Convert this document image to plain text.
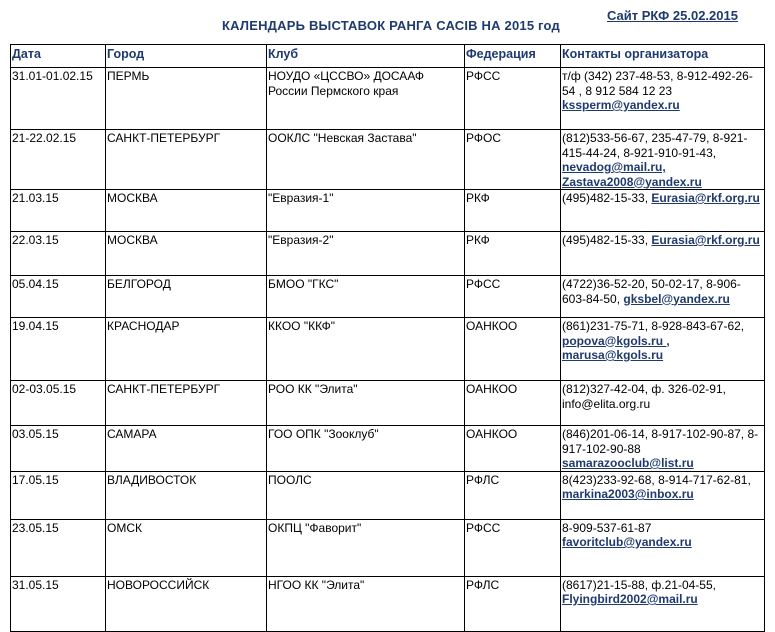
КАЛЕНДАРЬ ВЫСТАВОК РАНГА САСІВ НА 2015 год
Сайт РКФ 25.02.2015
Дата	Город	Клуб	Федерация	Контакты организатора
31.01-01.02.15	ПЕРМЬ	НОУДО «ЦССВО» ДОСААФ России Пермского края	РФСС	т/ф (342) 237-48-53, 8-912-492-26-54 , 8 912 584 12 23 kssperm@yandex.ru
21-22.02.15	САНКТ-ПЕТЕРБУРГ	ООКЛС "Невская Застава"	РФОС	(812)533-56-67, 235-47-79, 8-921-415-44-24, 8-921-910-91-43, nevadog@mail.ru, Zastava2008@yandex.ru
21.03.15	МОСКВА	"Евразия-1"	РКФ	(495)482-15-33, Eurasia@rkf.org.ru
22.03.15	МОСКВА	"Евразия-2"	РКФ	(495)482-15-33, Eurasia@rkf.org.ru
05.04.15	БЕЛГОРОД	БМОО "ГКС"	РФСС	(4722)36-52-20, 50-02-17, 8-906-603-84-50, gksbel@yandex.ru
19.04.15	КРАСНОДАР	ККОО "ККФ"	ОАНКОО	(861)231-75-71, 8-928-843-67-62, popova@kgols.ru , marusa@kgols.ru
02-03.05.15	САНКТ-ПЕТЕРБУРГ	РОО КК "Элита"	ОАНКОО	(812)327-42-04, ф. 326-02-91, info@elita.org.ru
03.05.15	САМАРА	ГОО ОПК "Зооклуб"	ОАНКОО	(846)201-06-14, 8-917-102-90-87, 8-917-102-90-88 samarazooclub@list.ru
17.05.15	ВЛАДИВОСТОК	ПООЛС	РФЛС	8(423)233-92-68, 8-914-717-62-81, markina2003@inbox.ru
23.05.15	ОМСК	ОКПЦ "Фаворит"	РФСС	8-909-537-61-87 favoritclub@yandex.ru
31.05.15	НОВОРОССИЙСК	НГОО КК "Элита"	РФЛС	(8617)21-15-88, ф.21-04-55, Flyingbird2002@mail.ru
